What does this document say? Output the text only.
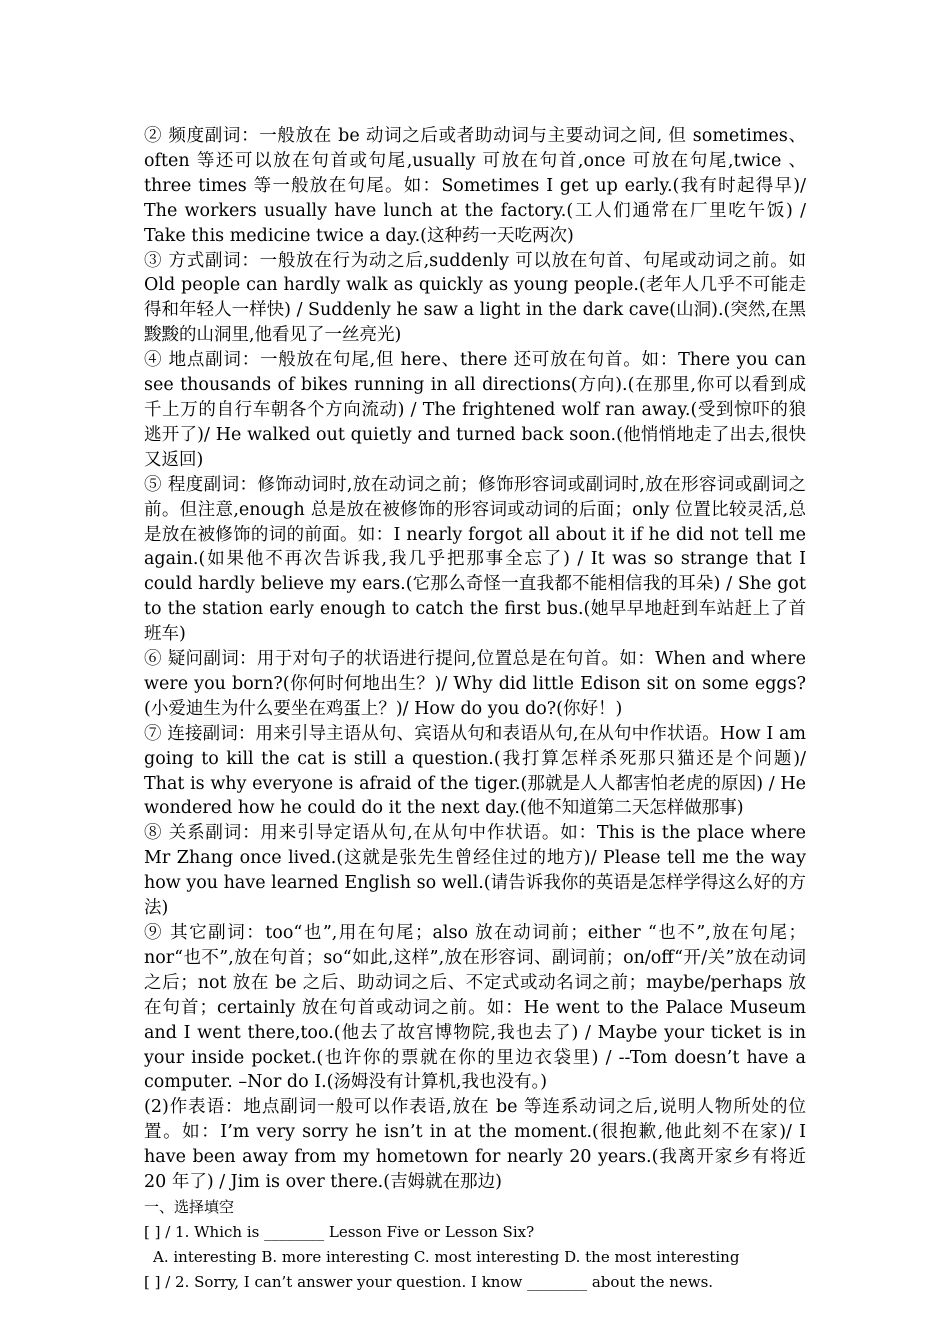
② 频度副词：一般放在 be 动词之后或者助动词与主要动词之间, 但 sometimes、often 等还可以放在句首或句尾,usually 可放在句首,once 可放在句尾,twice 、three times 等一般放在句尾。如：Sometimes I get up early.(我有时起得早)/ The workers usually have lunch at the factory.(工人们通常在厂里吃午饭) / Take this medicine twice a day.(这种药一天吃两次)

③ 方式副词：一般放在行为动之后,suddenly 可以放在句首、句尾或动词之前。如 Old people can hardly walk as quickly as young people.(老年人几乎不可能走得和年轻人一样快) / Suddenly he saw a light in the dark cave(山洞).(突然,在黑黢黢的山洞里,他看见了一丝亮光)

④ 地点副词：一般放在句尾,但 here、there 还可放在句首。如：There you can see thousands of bikes running in all directions(方向).(在那里,你可以看到成千上万的自行车朝各个方向流动) / The frightened wolf ran away.(受到惊吓的狼逃开了)/ He walked out quietly and turned back soon.(他悄悄地走了出去,很快又返回)

⑤ 程度副词：修饰动词时,放在动词之前；修饰形容词或副词时,放在形容词或副词之前。但注意,enough 总是放在被修饰的形容词或动词的后面；only 位置比较灵活,总是放在被修饰的词的前面。如：I nearly forgot all about it if he did not tell me again.(如果他不再次告诉我,我几乎把那事全忘了) / It was so strange that I could hardly believe my ears.(它那么奇怪一直我都不能相信我的耳朵) / She got to the station early enough to catch the first bus.(她早早地赶到车站赶上了首班车)

⑥ 疑问副词：用于对句子的状语进行提问,位置总是在句首。如：When and where were you born?(你何时何地出生？)/ Why did little Edison sit on some eggs?(小爱迪生为什么要坐在鸡蛋上？)/ How do you do?(你好！)

⑦ 连接副词：用来引导主语从句、宾语从句和表语从句,在从句中作状语。How I am going to kill the cat is still a question.(我打算怎样杀死那只猫还是个问题)/ That is why everyone is afraid of the tiger.(那就是人人都害怕老虎的原因) / He wondered how he could do it the next day.(他不知道第二天怎样做那事)

⑧ 关系副词：用来引导定语从句,在从句中作状语。如：This is the place where Mr Zhang once lived.(这就是张先生曾经住过的地方)/ Please tell me the way how you have learned English so well.(请告诉我你的英语是怎样学得这么好的方法)

⑨ 其它副词：too“也”,用在句尾；also 放在动词前；either “也不”,放在句尾；nor“也不”,放在句首；so“如此,这样”,放在形容词、副词前；on/off“开/关”放在动词之后；not 放在 be 之后、助动词之后、不定式或动名词之前；maybe/perhaps 放在句首；certainly 放在句首或动词之前。如：He went to the Palace Museum and I went there,too.(他去了故宫博物院,我也去了) / Maybe your ticket is in your inside pocket.(也许你的票就在你的里边衣袋里) / --Tom doesn’t have a computer. –Nor do I.(汤姆没有计算机,我也没有。)

(2)作表语：地点副词一般可以作表语,放在 be 等连系动词之后,说明人物所处的位置。如：I’m very sorry he isn’t in at the moment.(很抱歉,他此刻不在家)/ I have been away from my hometown for nearly 20 years.(我离开家乡有将近 20 年了) / Jim is over there.(吉姆就在那边)

一、选择填空

[ ] / 1. Which is ________ Lesson Five or Lesson Six?

A. interesting B. more interesting C. most interesting D. the most interesting

[ ] / 2. Sorry, I can’t answer your question. I know ________ about the news.
